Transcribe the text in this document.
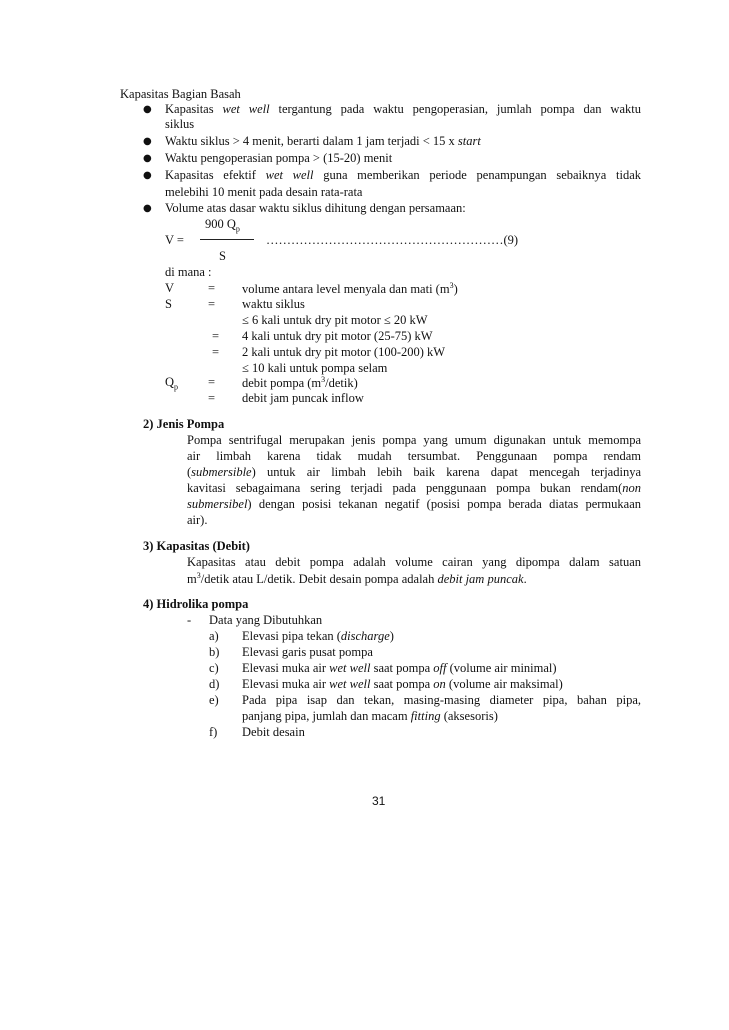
Kapasitas Bagian Basah
● Kapasitas wet well tergantung pada waktu pengoperasian, jumlah pompa dan waktu
siklus
● Waktu siklus > 4 menit, berarti dalam 1 jam terjadi < 15 x start
● Waktu pengoperasian pompa > (15-20) menit
● Kapasitas efektif wet well guna memberikan periode penampungan sebaiknya tidak
melebihi 10 menit pada desain rata-rata
● Volume atas dasar waktu siklus dihitung dengan persamaan:
900 $Q_p$
V =	…………………………………………………(9)
S
di mana :
V	= volume antara level menyala dan mati $(m^3)$
S	= waktu siklus
≤ 6 kali untuk dry pit motor ≤ 20 kW
= 4 kali untuk dry pit motor (25-75) kW
= 2 kali untuk dry pit motor (100-200) kW
≤ 10 kali untuk pompa selam
$Q_p$ = debit pompa $(m^3/detik)$
= debit jam puncak inflow
2) Jenis Pompa
Pompa sentrifugal merupakan jenis pompa yang umum digunakan untuk memompa
air limbah karena tidak mudah tersumbat. Penggunaan pompa rendam
(submersible) untuk air limbah lebih baik karena dapat mencegah terjadinya
kavitasi sebagaimana sering terjadi pada penggunaan pompa bukan rendam(non
submersibel) dengan posisi tekanan negatif (posisi pompa berada diatas permukaan
air).
3) Kapasitas (Debit)
Kapasitas atau debit pompa adalah volume cairan yang dipompa dalam satuan
$m^3$/detik atau L/detik. Debit desain pompa adalah debit jam puncak.
4) Hidrolika pompa
- Data yang Dibutuhkan
a) Elevasi pipa tekan (discharge)
b) Elevasi garis pusat pompa
c) Elevasi muka air wet well saat pompa off (volume air minimal)
d) Elevasi muka air wet well saat pompa on (volume air maksimal)
e) Pada pipa isap dan tekan, masing-masing diameter pipa, bahan pipa,
panjang pipa, jumlah dan macam fitting (aksesoris)
f) Debit desain
31
